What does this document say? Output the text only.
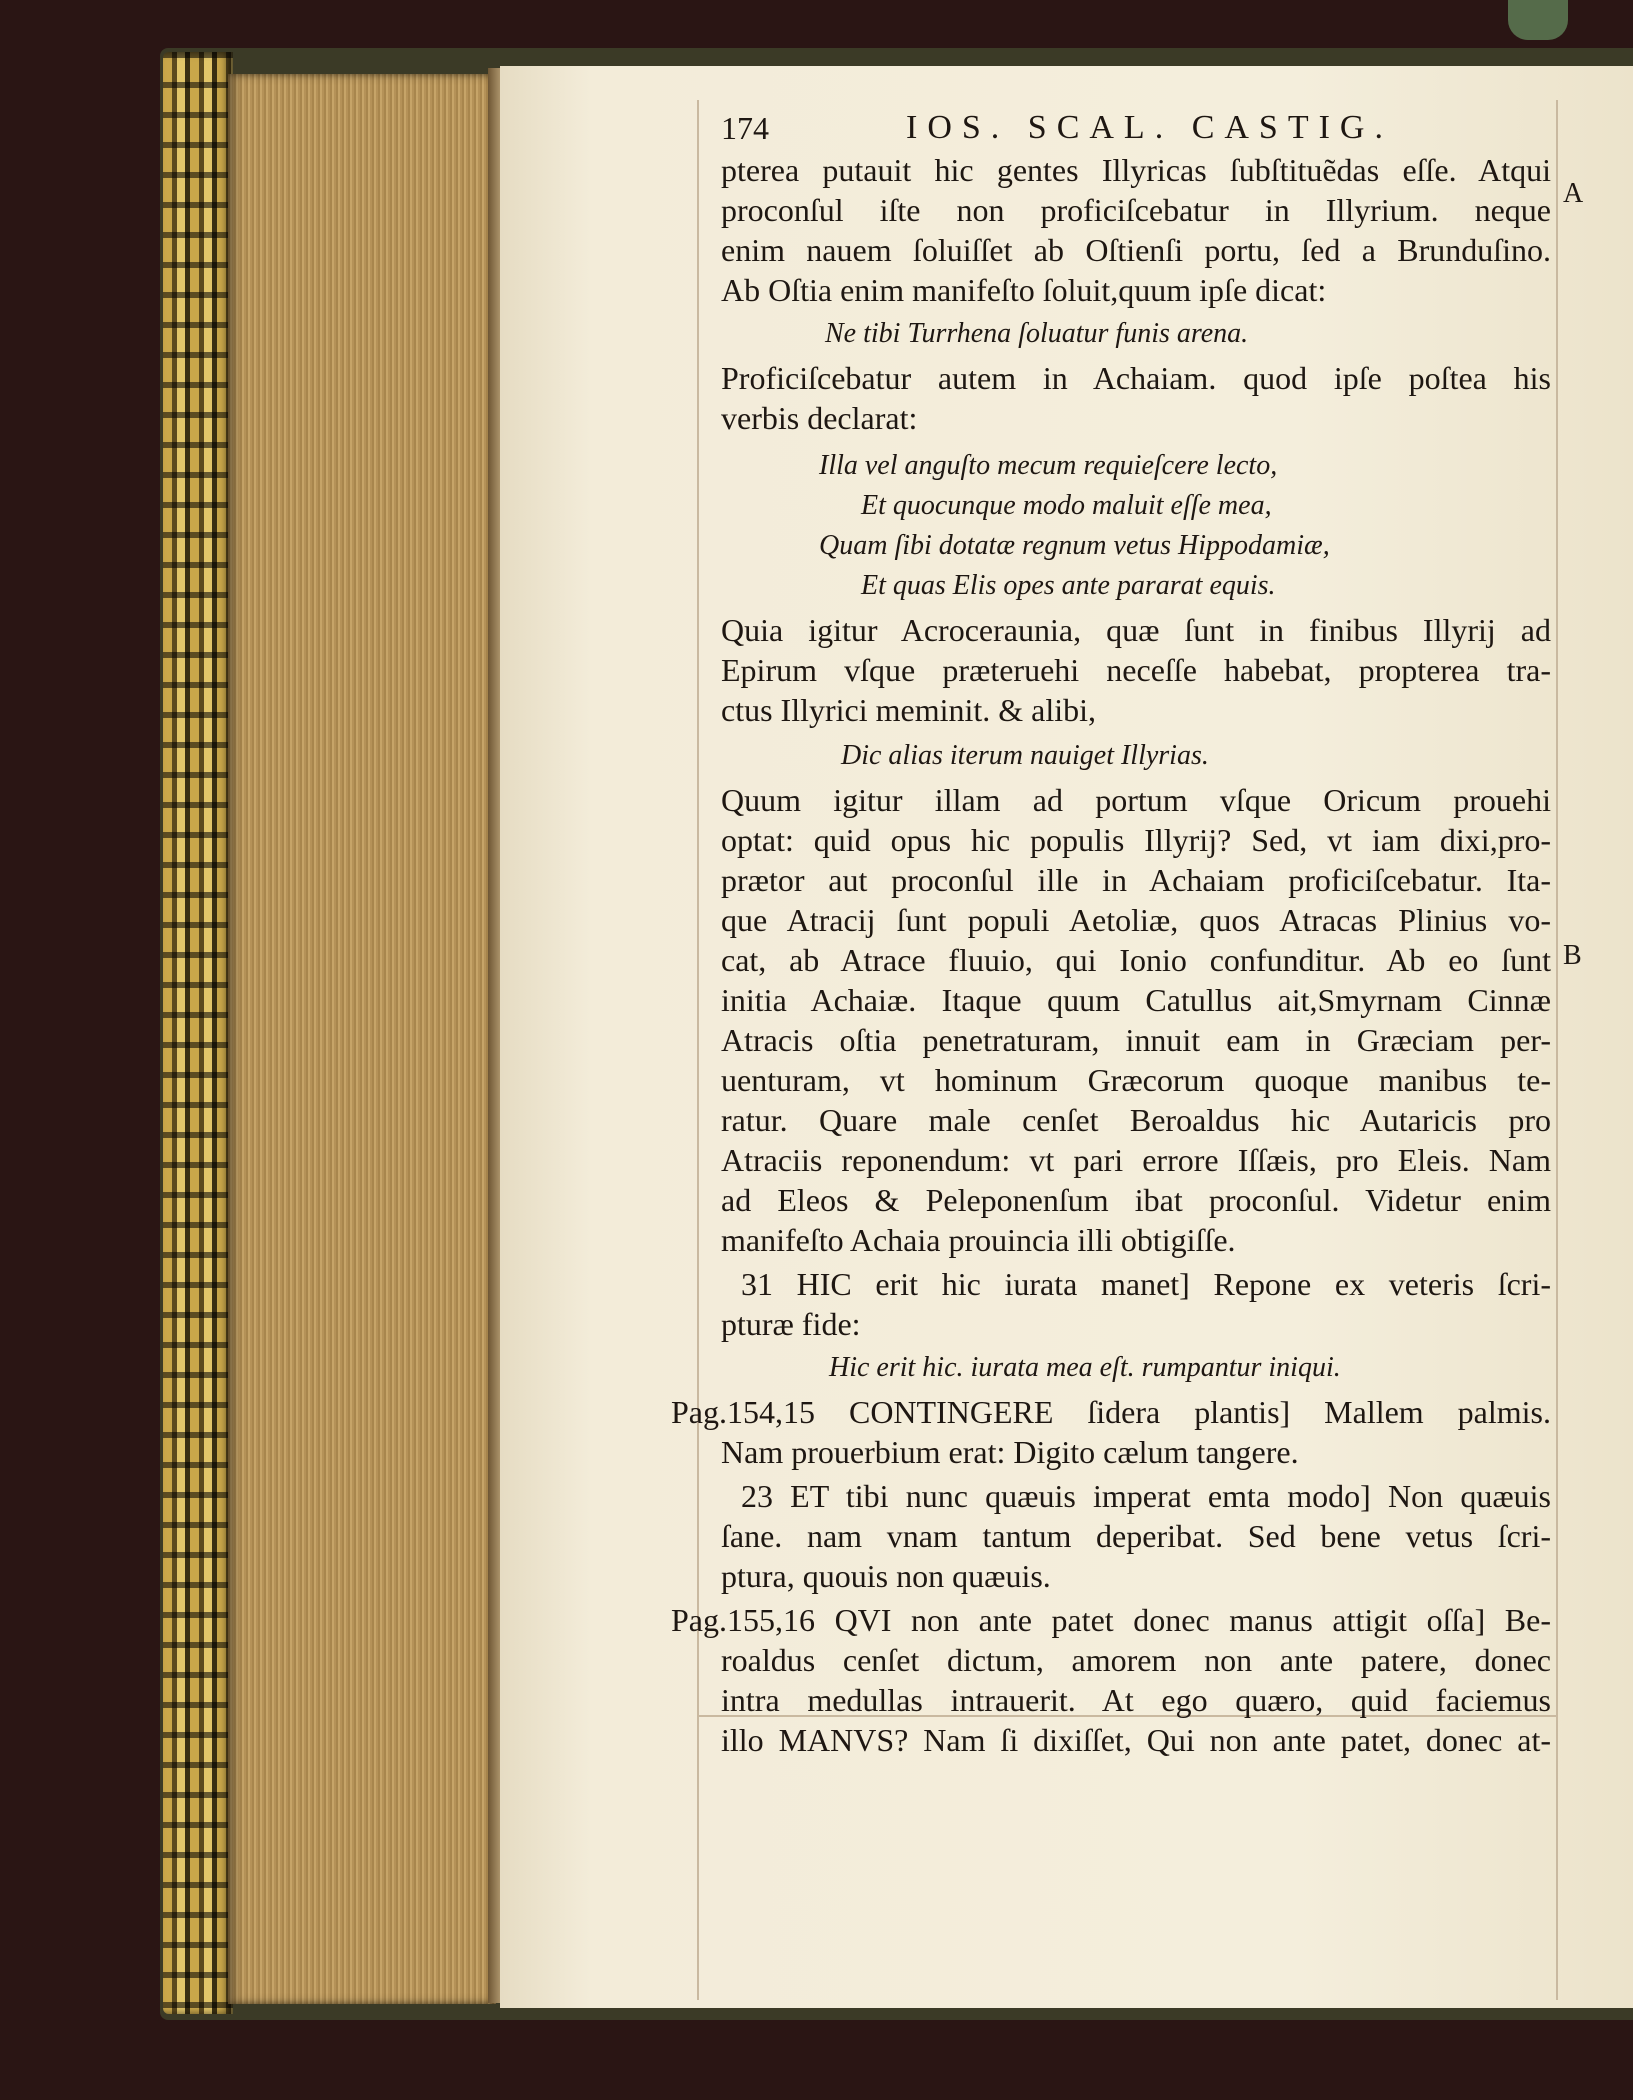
174	IOS. SCAL. CASTIG.
pterea putauit hic gentes Illyricas ſubſtituẽdas eſſe. Atqui
proconſul iſte non proficiſcebatur in Illyrium. neque
enim nauem ſoluiſſet ab Oſtienſi portu, ſed a Brunduſino.
Ab Oſtia enim manifeſto ſoluit,quum ipſe dicat:
Ne tibi Turrhena ſoluatur funis arena.
Proficiſcebatur autem in Achaiam. quod ipſe poſtea his
verbis declarat:
Illa vel anguſto mecum requieſcere lecto,
Et quocunque modo maluit eſſe mea,
Quam ſibi dotatæ regnum vetus Hippodamiæ,
Et quas Elis opes ante pararat equis.
Quia igitur Acroceraunia, quæ ſunt in finibus Illyrij ad
Epirum vſque præteruehi neceſſe habebat, propterea tra-
ctus Illyrici meminit. & alibi,
Dic alias iterum nauiget Illyrias.
Quum igitur illam ad portum vſque Oricum prouehi
optat: quid opus hic populis Illyrij? Sed, vt iam dixi,pro-
prætor aut proconſul ille in Achaiam proficiſcebatur. Ita-
que Atracij ſunt populi Aetoliæ, quos Atracas Plinius vo-
cat, ab Atrace fluuio, qui Ionio confunditur. Ab eo ſunt
initia Achaiæ. Itaque quum Catullus ait,Smyrnam Cinnæ
Atracis oſtia penetraturam, innuit eam in Græciam per-
uenturam, vt hominum Græcorum quoque manibus te-
ratur. Quare male cenſet Beroaldus hic Autaricis pro
Atraciis reponendum: vt pari errore Iſſæis, pro Eleis. Nam
ad Eleos & Peleponenſum ibat proconſul. Videtur enim
manifeſto Achaia prouincia illi obtigiſſe.
31 HIC erit hic iurata manet] Repone ex veteris ſcri-
pturæ fide:
Hic erit hic. iurata mea eſt. rumpantur iniqui.
Pag.154,15 CONTINGERE ſidera plantis] Mallem palmis.
Nam prouerbium erat: Digito cælum tangere.
23 ET tibi nunc quæuis imperat emta modo] Non quæuis
ſane. nam vnam tantum deperibat. Sed bene vetus ſcri-
ptura, quouis non quæuis.
Pag.155,16 QVI non ante patet donec manus attigit oſſa] Be-
roaldus cenſet dictum, amorem non ante patere, donec
intra medullas intrauerit. At ego quæro, quid faciemus
illo MANVS? Nam ſi dixiſſet, Qui non ante patet, donec at-
A
B
